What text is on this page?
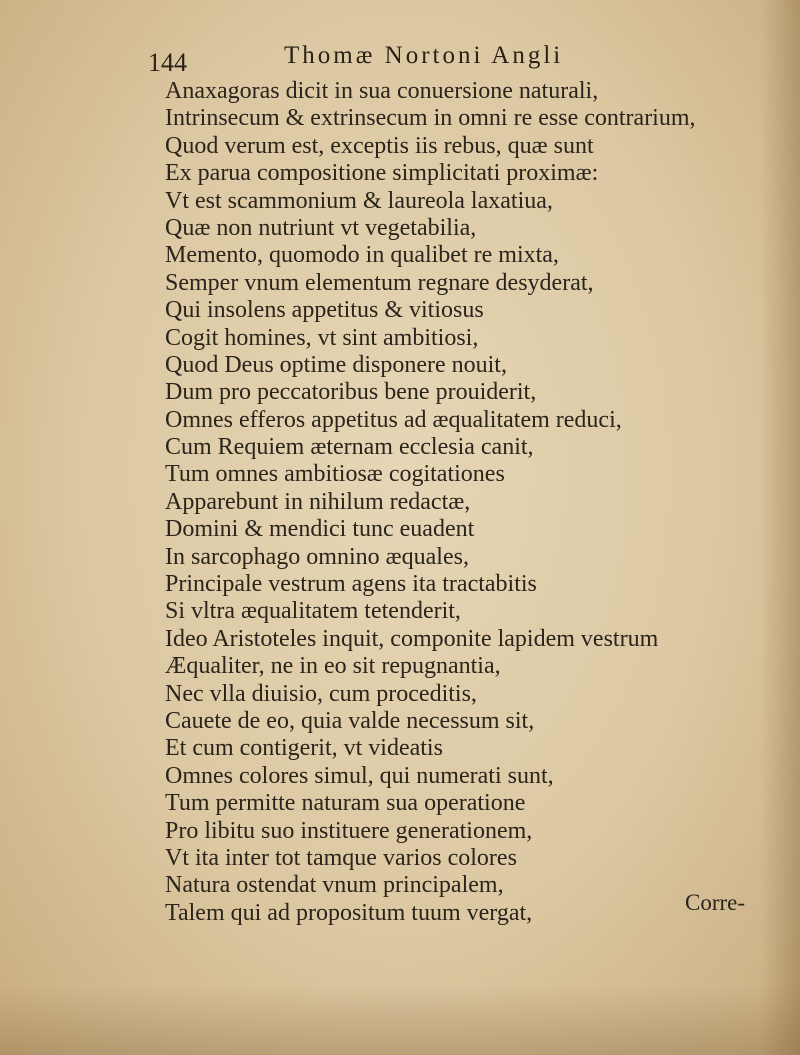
144	Thomæ Nortoni Angli
Anaxagoras dicit in sua conuersione naturali,
Intrinsecum & extrinsecum in omni re esse contrarium,
Quod verum est, exceptis iis rebus, quæ sunt
Ex parua compositione simplicitati proximæ:
Vt est scammonium & laureola laxatiua,
Quæ non nutriunt vt vegetabilia,
Memento, quomodo in qualibet re mixta,
Semper vnum elementum regnare desyderat,
Qui insolens appetitus & vitiosus
Cogit homines, vt sint ambitiosi,
Quod Deus optime disponere nouit,
Dum pro peccatoribus bene prouiderit,
Omnes efferos appetitus ad æqualitatem reduci,
Cum Requiem æternam ecclesia canit,
Tum omnes ambitiosæ cogitationes
Apparebunt in nihilum redactæ,
Domini & mendici tunc euadent
In sarcophago omnino æquales,
Principale vestrum agens ita tractabitis
Si vltra æqualitatem tetenderit,
Ideo Aristoteles inquit, componite lapidem vestrum
Æqualiter, ne in eo sit repugnantia,
Nec vlla diuisio, cum proceditis,
Cauete de eo, quia valde necessum sit,
Et cum contigerit, vt videatis
Omnes colores simul, qui numerati sunt,
Tum permitte naturam sua operatione
Pro libitu suo instituere generationem,
Vt ita inter tot tamque varios colores
Natura ostendat vnum principalem,
Talem qui ad propositum tuum vergat,	Corre-
